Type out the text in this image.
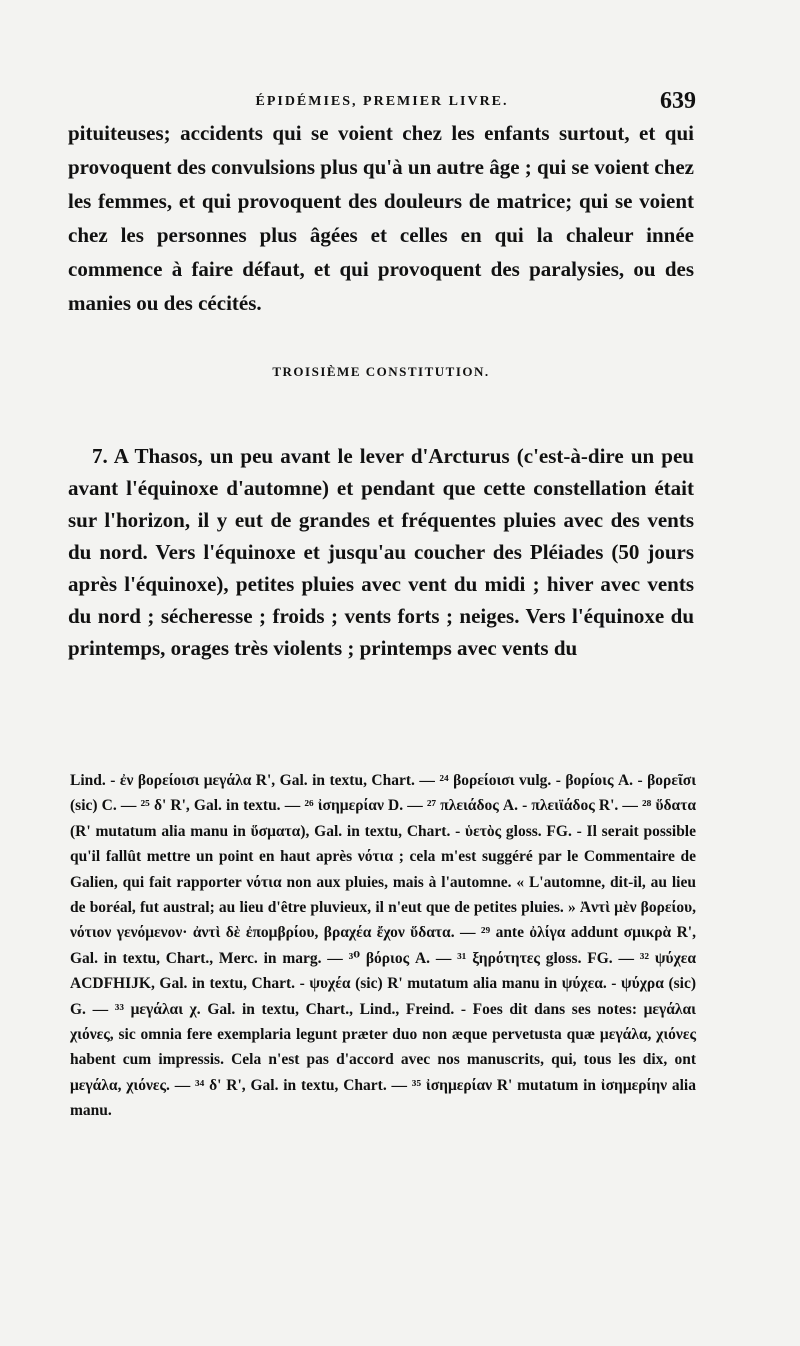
ÉPIDÉMIES, PREMIER LIVRE.	639

pituiteuses; accidents qui se voient chez les enfants surtout, et qui provoquent des convulsions plus qu'à un autre âge ; qui se voient chez les femmes, et qui provoquent des douleurs de matrice; qui se voient chez les personnes plus âgées et celles en qui la chaleur innée commence à faire défaut, et qui provoquent des paralysies, ou des manies ou des cécités.

TROISIÈME CONSTITUTION.

7. A Thasos, un peu avant le lever d'Arcturus (c'est-à-dire un peu avant l'équinoxe d'automne) et pendant que cette constellation était sur l'horizon, il y eut de grandes et fréquentes pluies avec des vents du nord. Vers l'équinoxe et jusqu'au coucher des Pléiades (50 jours après l'équinoxe), petites pluies avec vent du midi ; hiver avec vents du nord ; sécheresse ; froids ; vents forts ; neiges. Vers l'équinoxe du printemps, orages très violents ; printemps avec vents du

Lind. - ἐν βορείοισι μεγάλα R', Gal. in textu, Chart. — ²⁴ βορείοισι vulg. - βορίοις A. - βορεῖσι (sic) C. — ²⁵ δ' R', Gal. in textu. — ²⁶ ἰσημερίαν D. — ²⁷ πλειάδος A. - πλειϊάδος R'. — ²⁸ ὕδατα (R' mutatum alia manu in ὕσματα), Gal. in textu, Chart. - ὑετὸς gloss. FG. - Il serait possible qu'il fallût mettre un point en haut après νότια ; cela m'est suggéré par le Commentaire de Galien, qui fait rapporter νότια non aux pluies, mais à l'automne. « L'automne, dit-il, au lieu de boréal, fut austral; au lieu d'être pluvieux, il n'eut que de petites pluies. » Ἀντὶ μὲν βορείου, νότιον γενόμενον· ἀντὶ δὲ ἐπομβρίου, βραχέα ἔχον ὕδατα. — ²⁹ ante ὀλίγα addunt σμικρὰ R', Gal. in textu, Chart., Merc. in marg. — ³⁰ βόριος A. — ³¹ ξηρότητες gloss. FG. — ³² ψύχεα ACDFHIJK, Gal. in textu, Chart. - ψυχέα (sic) R' mutatum alia manu in ψύχεα. - ψύχρα (sic) G. — ³³ μεγάλαι χ. Gal. in textu, Chart., Lind., Freind. - Foes dit dans ses notes: μεγάλαι χιόνες, sic omnia fere exemplaria legunt præter duo non æque pervetusta quæ μεγάλα, χιόνες habent cum impressis. Cela n'est pas d'accord avec nos manuscrits, qui, tous les dix, ont μεγάλα, χιόνες. — ³⁴ δ' R', Gal. in textu, Chart. — ³⁵ ἰσημερίαν R' mutatum in ἰσημερίην alia manu.
